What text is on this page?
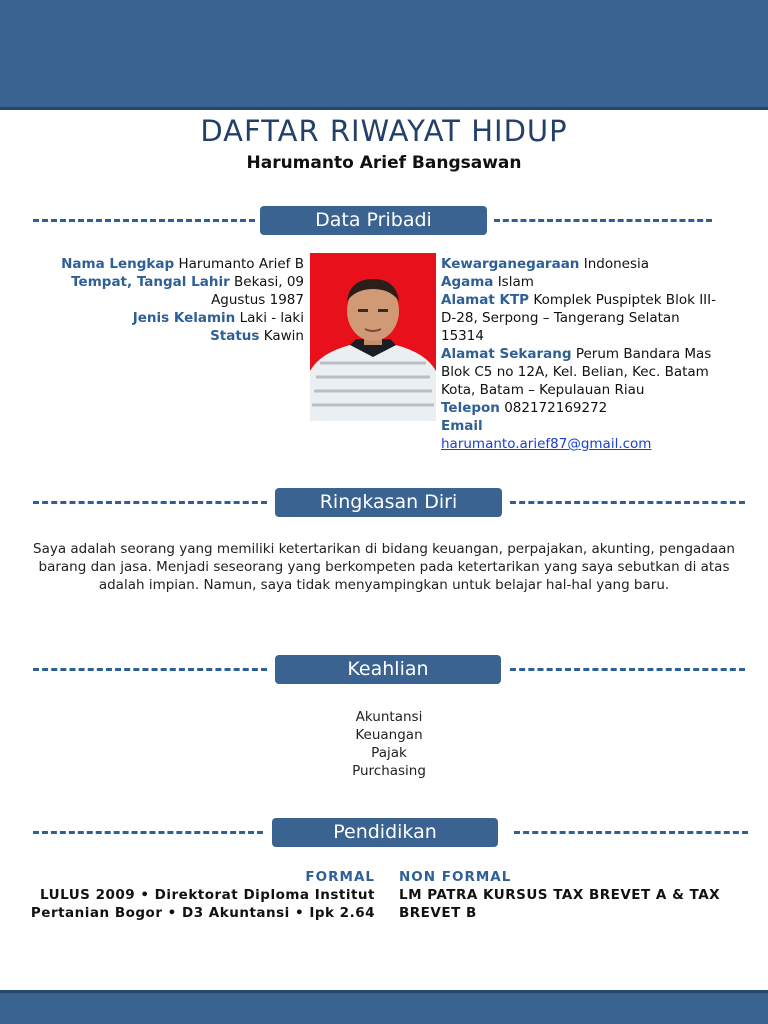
DAFTAR RIWAYAT HIDUP
Harumanto Arief Bangsawan
Data Pribadi
Nama Lengkap Harumanto Arief B
Tempat, Tangal Lahir Bekasi, 09 Agustus 1987
Jenis Kelamin Laki - laki
Status Kawin
Kewarganegaraan Indonesia
Agama Islam
Alamat KTP Komplek Puspiptek Blok III-D-28, Serpong – Tangerang Selatan 15314
Alamat Sekarang Perum Bandara Mas Blok C5 no 12A, Kel. Belian, Kec. Batam Kota, Batam – Kepulauan Riau
Telepon 082172169272
Email
harumanto.arief87@gmail.com
Ringkasan Diri
Saya adalah seorang yang memiliki ketertarikan di bidang keuangan, perpajakan, akunting, pengadaan barang dan jasa. Menjadi seseorang yang berkompeten pada ketertarikan yang saya sebutkan di atas adalah impian. Namun, saya tidak menyampingkan untuk belajar hal-hal yang baru.
Keahlian
Akuntansi
Keuangan
Pajak
Purchasing
Pendidikan
FORMAL
LULUS 2009 • Direktorat Diploma Institut Pertanian Bogor • D3 Akuntansi • Ipk 2.64
NON FORMAL
LM PATRA KURSUS TAX BREVET A & TAX BREVET B
